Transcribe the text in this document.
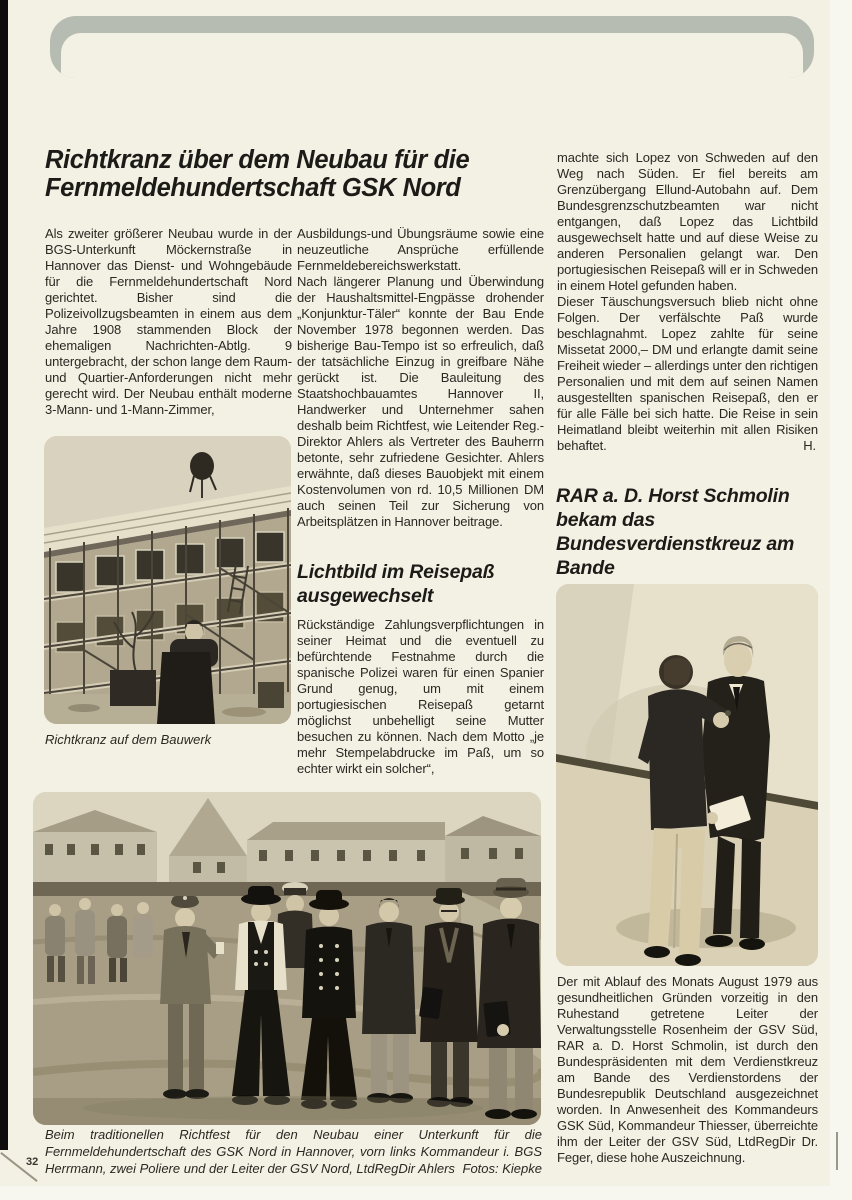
Richtkranz über dem Neubau für die Fernmeldehundertschaft GSK Nord
Als zweiter größerer Neubau wurde in der BGS-Unterkunft Möckernstraße in Hannover das Dienst- und Wohngebäude für die Fernmeldehundertschaft Nord gerichtet. Bisher sind die Polizeivollzugsbeamten in einem aus dem Jahre 1908 stammenden Block der ehemaligen Nachrichten-Abtlg. 9 untergebracht, der schon lange dem Raum- und Quartier-Anforderungen nicht mehr gerecht wird. Der Neubau enthält moderne 3-Mann- und 1-Mann-Zimmer,
Richtkranz auf dem Bauwerk

Ausbildungs-und Übungsräume sowie eine neuzeutliche Ansprüche erfüllende Fernmeldebereichswerkstatt.

Nach längerer Planung und Überwindung der Haushaltsmittel-Engpässe drohender „Konjunktur-Täler“ konnte der Bau Ende November 1978 begonnen werden. Das bisherige Bau-Tempo ist so erfreulich, daß der tatsächliche Einzug in greifbare Nähe gerückt ist. Die Bauleitung des Staatshochbauamtes Hannover II, Handwerker und Unternehmer sahen deshalb beim Richtfest, wie Leitender Reg.-Direktor Ahlers als Vertreter des Bauherrn betonte, sehr zufriedene Gesichter. Ahlers erwähnte, daß dieses Bauobjekt mit einem Kostenvolumen von rd. 10,5 Millionen DM auch seinen Teil zur Sicherung von Arbeitsplätzen in Hannover beitrage.

Lichtbild im Reisepaß ausgewechselt
Rückständige Zahlungsverpflichtungen in seiner Heimat und die eventuell zu befürchtende Festnahme durch die spanische Polizei waren für einen Spanier Grund genug, um mit einem portugiesischen Reisepaß getarnt möglichst unbehelligt seine Mutter besuchen zu können. Nach dem Motto „je mehr Stempelabdrucke im Paß, um so echter wirkt ein solcher“,

machte sich Lopez von Schweden auf den Weg nach Süden. Er fiel bereits am Grenzübergang Ellund-Autobahn auf. Dem Bundesgrenzschutzbeamten war nicht entgangen, daß Lopez das Lichtbild ausgewechselt hatte und auf diese Weise zu anderen Personalien gelangt war. Den portugiesischen Reisepaß will er in Schweden in einem Hotel gefunden haben.

Dieser Täuschungsversuch blieb nicht ohne Folgen. Der verfälschte Paß wurde beschlagnahmt. Lopez zahlte für seine Missetat 2000,– DM und erlangte damit seine Freiheit wieder – allerdings unter den richtigen Personalien und mit dem auf seinen Namen ausgestellten spanischen Reisepaß, den er für alle Fälle bei sich hatte. Die Reise in sein Heimatland bleibt weiterhin mit allen Risiken behaftet.	H.
RAR a. D. Horst Schmolin bekam das Bundesverdienstkreuz am Bande
Der mit Ablauf des Monats August 1979 aus gesundheitlichen Gründen vorzeitig in den Ruhestand getretene Leiter der Verwaltungsstelle Rosenheim der GSV Süd, RAR a. D. Horst Schmolin, ist durch den Bundespräsidenten mit dem Verdienstkreuz am Bande des Verdienstordens der Bundesrepublik Deutschland ausgezeichnet worden. In Anwesenheit des Kommandeurs GSK Süd, Kommandeur Thiesser, überreichte ihm der Leiter der GSV Süd, LtdRegDir Dr. Feger, diese hohe Auszeichnung.
Beim traditionellen Richtfest für den Neubau einer Unterkunft für die Fernmeldehundertschaft des GSK Nord in Hannover, vorn links Kommandeur i. BGS Herrmann, zwei Poliere und der Leiter der GSV Nord, LtdRegDir Ahlers Fotos: Kiepke
32
